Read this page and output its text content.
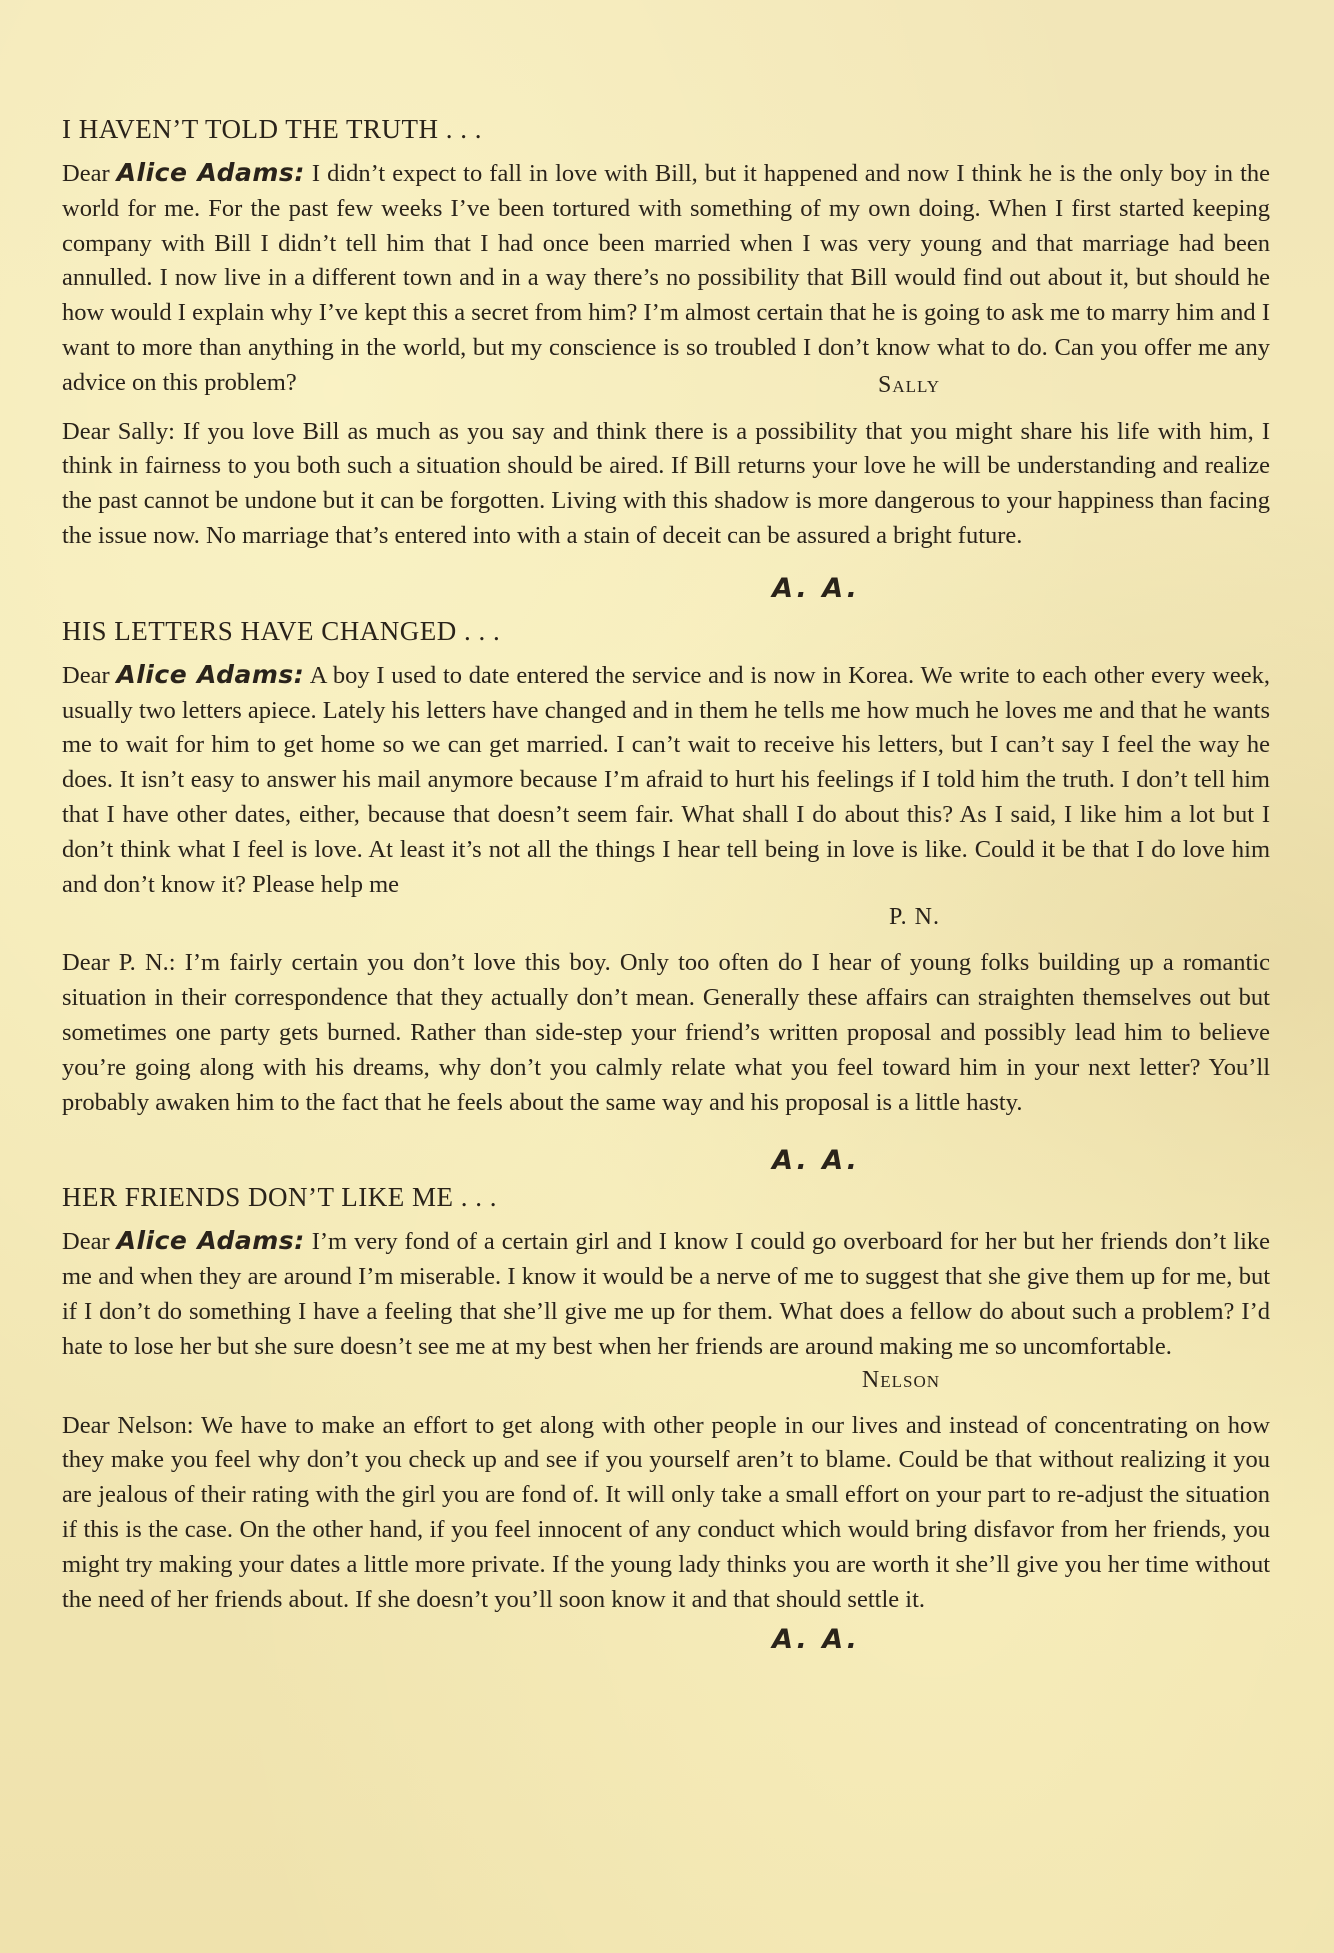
I HAVEN’T TOLD THE TRUTH . . .

Dear Alice Adams: I didn’t expect to fall in love with Bill, but it happened and now I think he is the only boy in the world for me. For the past few weeks I’ve been tortured with something of my own doing. When I first started keeping company with Bill I didn’t tell him that I had once been married when I was very young and that marriage had been annulled. I now live in a different town and in a way there’s no possibility that Bill would find out about it, but should he how would I explain why I’ve kept this a secret from him? I’m almost certain that he is going to ask me to marry him and I want to more than anything in the world, but my conscience is so troubled I don’t know what to do. Can you offer me any advice on this problem?	Sally

Dear Sally: If you love Bill as much as you say and think there is a possibility that you might share his life with him, I think in fairness to you both such a situation should be aired. If Bill returns your love he will be understanding and realize the past cannot be undone but it can be forgotten. Living with this shadow is more dangerous to your happiness than facing the issue now. No marriage that’s entered into with a stain of deceit can be assured a bright future.

A. A.
HIS LETTERS HAVE CHANGED . . .

Dear Alice Adams: A boy I used to date entered the service and is now in Korea. We write to each other every week, usually two letters apiece. Lately his letters have changed and in them he tells me how much he loves me and that he wants me to wait for him to get home so we can get married. I can’t wait to receive his letters, but I can’t say I feel the way he does. It isn’t easy to answer his mail anymore because I’m afraid to hurt his feelings if I told him the truth. I don’t tell him that I have other dates, either, because that doesn’t seem fair. What shall I do about this? As I said, I like him a lot but I don’t think what I feel is love. At least it’s not all the things I hear tell being in love is like. Could it be that I do love him and don’t know it? Please help me

P. N.

Dear P. N.: I’m fairly certain you don’t love this boy. Only too often do I hear of young folks building up a romantic situation in their correspondence that they actually don’t mean. Generally these affairs can straighten themselves out but sometimes one party gets burned. Rather than side-step your friend’s written proposal and possibly lead him to believe you’re going along with his dreams, why don’t you calmly relate what you feel toward him in your next letter? You’ll probably awaken him to the fact that he feels about the same way and his proposal is a little hasty.

A. A.
HER FRIENDS DON’T LIKE ME . . .

Dear Alice Adams: I’m very fond of a certain girl and I know I could go overboard for her but her friends don’t like me and when they are around I’m miserable. I know it would be a nerve of me to suggest that she give them up for me, but if I don’t do something I have a feeling that she’ll give me up for them. What does a fellow do about such a problem? I’d hate to lose her but she sure doesn’t see me at my best when her friends are around making me so uncomfortable.

Nelson

Dear Nelson: We have to make an effort to get along with other people in our lives and instead of concentrating on how they make you feel why don’t you check up and see if you yourself aren’t to blame. Could be that without realizing it you are jealous of their rating with the girl you are fond of. It will only take a small effort on your part to re-adjust the situation if this is the case. On the other hand, if you feel innocent of any conduct which would bring disfavor from her friends, you might try making your dates a little more private. If the young lady thinks you are worth it she’ll give you her time without the need of her friends about. If she doesn’t you’ll soon know it and that should settle it.

A. A.
